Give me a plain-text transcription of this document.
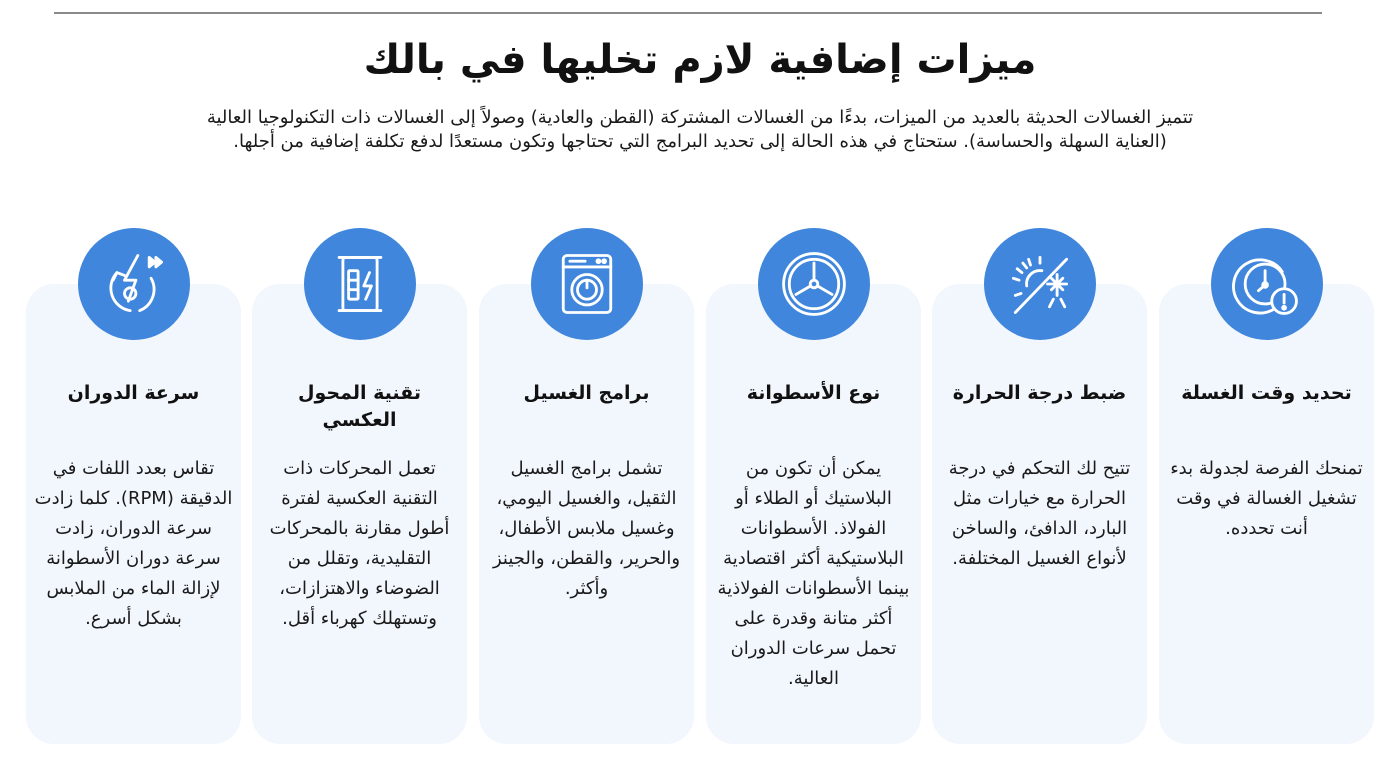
ميزات إضافية لازم تخليها في بالك

تتميز الغسالات الحديثة بالعديد من الميزات، بدءًا من الغسالات المشتركة (القطن والعادية) وصولاً إلى الغسالات ذات التكنولوجيا العالية (العناية السهلة والحساسة). ستحتاج في هذه الحالة إلى تحديد البرامج التي تحتاجها وتكون مستعدًا لدفع تكلفة إضافية من أجلها.

تحديد وقت الغسلة
تمنحك الفرصة لجدولة بدء تشغيل الغسالة في وقت أنت تحدده.
ضبط درجة الحرارة
تتيح لك التحكم في درجة الحرارة مع خيارات مثل البارد، الدافئ، والساخن لأنواع الغسيل المختلفة.
نوع الأسطوانة
يمكن أن تكون من البلاستيك أو الطلاء أو الفولاذ. الأسطوانات البلاستيكية أكثر اقتصادية بينما الأسطوانات الفولاذية أكثر متانة وقدرة على تحمل سرعات الدوران العالية.
برامج الغسيل
تشمل برامج الغسيل الثقيل، والغسيل اليومي، وغسيل ملابس الأطفال، والحرير، والقطن، والجينز وأكثر.
تقنية المحول العكسي
تعمل المحركات ذات التقنية العكسية لفترة أطول مقارنة بالمحركات التقليدية، وتقلل من الضوضاء والاهتزازات، وتستهلك كهرباء أقل.
سرعة الدوران
تقاس بعدد اللفات في الدقيقة (RPM). كلما زادت سرعة الدوران، زادت سرعة دوران الأسطوانة لإزالة الماء من الملابس بشكل أسرع.
